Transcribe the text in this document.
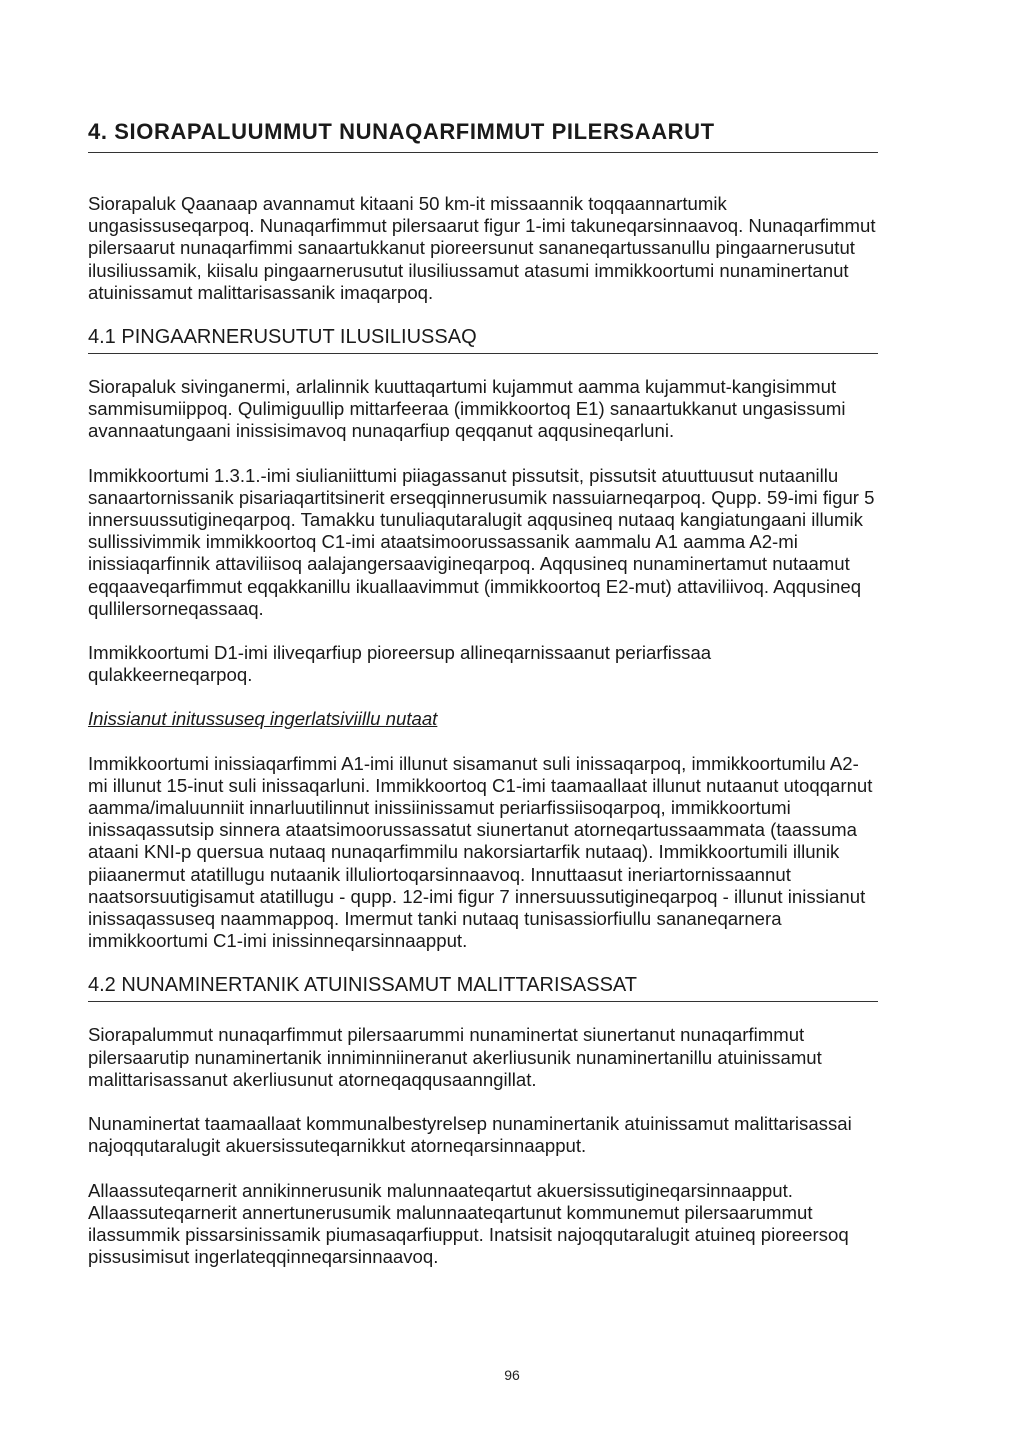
4. SIORAPALUUMMUT NUNAQARFIMMUT PILERSAARUT

Siorapaluk Qaanaap avannamut kitaani 50 km-it missaannik toqqaannartumik ungasissuseqarpoq. Nunaqarfimmut pilersaarut figur 1-imi takuneqarsinnaavoq. Nunaqarfimmut pilersaarut nunaqarfimmi sanaartukkanut pioreersunut sananeqartussanullu pingaarnerusutut ilusiliussamik, kiisalu pingaarnerusutut ilusiliussamut atasumi immikkoortumi nunaminertanut atuinissamut malittarisassanik imaqarpoq.

4.1 PINGAARNERUSUTUT ILUSILIUSSAQ

Siorapaluk sivinganermi, arlalinnik kuuttaqartumi kujammut aamma kujammut-kangisimmut sammisumiippoq. Qulimiguullip mittarfeeraa (immikkoortoq E1) sanaartukkanut ungasissumi avannaatungaani inissisimavoq nunaqarfiup qeqqanut aqqusineqarluni.

Immikkoortumi 1.3.1.-imi siulianiittumi piiagassanut pissutsit, pissutsit atuuttuusut nutaanillu sanaartornissanik pisariaqartitsinerit erseqqinnerusumik nassuiarneqarpoq. Qupp. 59-imi figur 5 innersuussutigineqarpoq. Tamakku tunuliaqutaralugit aqqusineq nutaaq kangiatungaani illumik sullissivimmik immikkoortoq C1-imi ataatsimoorussassanik aammalu A1 aamma A2-mi inissiaqarfinnik attaviliisoq aalajangersaavigineqarpoq. Aqqusineq nunaminertamut nutaamut eqqaaveqarfimmut eqqakkanillu ikuallaavimmut (immikkoortoq E2-mut) attaviliivoq. Aqqusineq qullilersorneqassaaq.

Immikkoortumi D1-imi iliveqarfiup pioreersup allineqarnissaanut periarfissaa qulakkeerneqarpoq.

Inissianut initussuseq ingerlatsiviillu nutaat

Immikkoortumi inissiaqarfimmi A1-imi illunut sisamanut suli inissaqarpoq, immikkoortumilu A2-mi illunut 15-inut suli inissaqarluni. Immikkoortoq C1-imi taamaallaat illunut nutaanut utoqqarnut aamma/imaluunniit innarluutilinnut inissiinissamut periarfissiisoqarpoq, immikkoortumi inissaqassutsip sinnera ataatsimoorussassatut siunertanut atorneqartussaammata (taassuma ataani KNI-p quersua nutaaq nunaqarfimmilu nakorsiartarfik nutaaq). Immikkoortumili illunik piiaanermut atatillugu nutaanik illuliortoqarsinnaavoq. Innuttaasut ineriartornissaannut naatsorsuutigisamut atatillugu - qupp. 12-imi figur 7 innersuussutigineqarpoq - illunut inissianut inissaqassuseq naammappoq. Imermut tanki nutaaq tunisassiorfiullu sananeqarnera immikkoortumi C1-imi inissinneqarsinnaapput.

4.2 NUNAMINERTANIK ATUINISSAMUT MALITTARISASSAT

Siorapalummut nunaqarfimmut pilersaarummi nunaminertat siunertanut nunaqarfimmut pilersaarutip nunaminertanik inniminniineranut akerliusunik nunaminertanillu atuinissamut malittarisassanut akerliusunut atorneqaqqusaanngillat.

Nunaminertat taamaallaat kommunalbestyrelsep nunaminertanik atuinissamut malittarisassai najoqqutaralugit akuersissuteqarnikkut atorneqarsinnaapput.

Allaassuteqarnerit annikinnerusunik malunnaateqartut akuersissutigineqarsinnaapput. Allaassuteqarnerit annertunerusumik malunnaateqartunut kommunemut pilersaarummut ilassummik pissarsinissamik piumasaqarfiupput. Inatsisit najoqqutaralugit atuineq pioreersoq pissusimisut ingerlateqqinneqarsinnaavoq.

96
